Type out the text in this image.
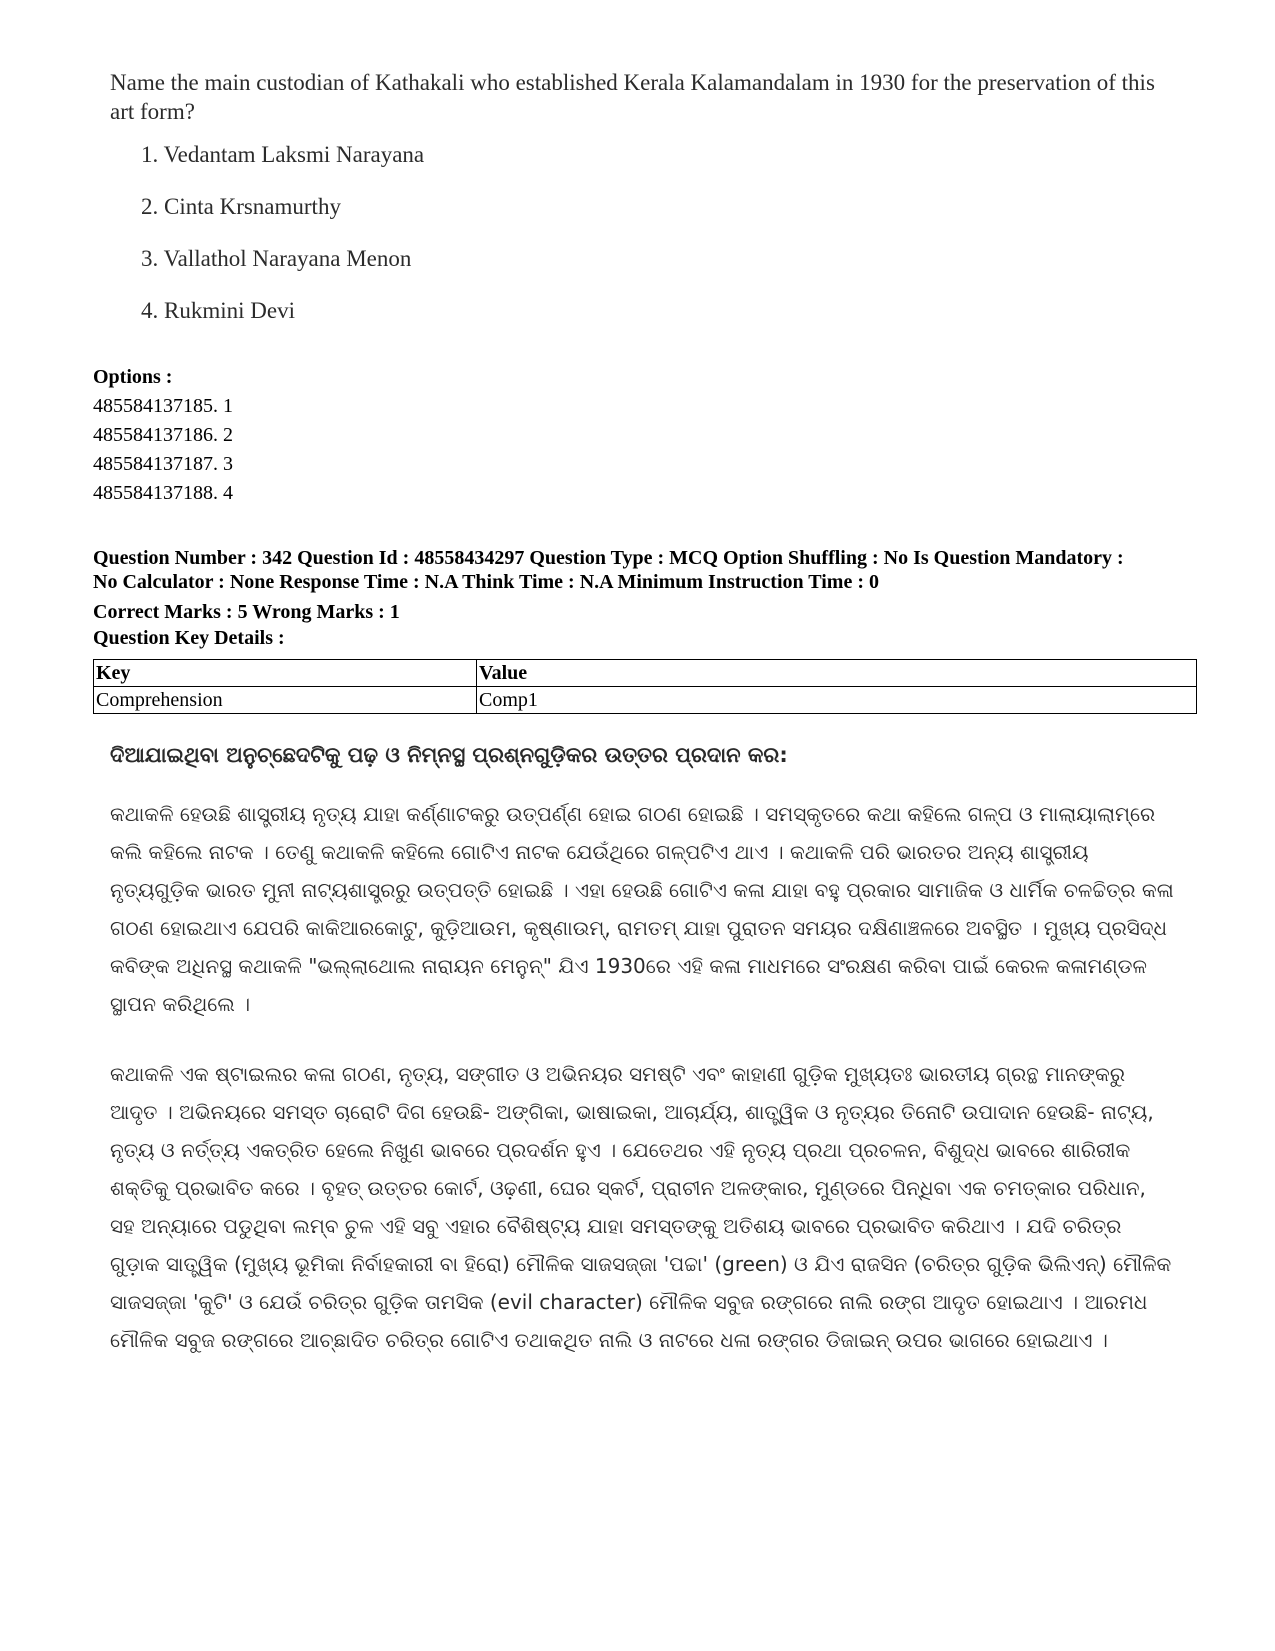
Name the main custodian of Kathakali who established Kerala Kalamandalam in 1930 for the preservation of this art form?

1. Vedantam Laksmi Narayana
2. Cinta Krsnamurthy
3. Vallathol Narayana Menon
4. Rukmini Devi
Options :
485584137185. 1
485584137186. 2
485584137187. 3
485584137188. 4
Question Number : 342 Question Id : 48558434297 Question Type : MCQ Option Shuffling : No Is Question Mandatory :
No Calculator : None Response Time : N.A Think Time : N.A Minimum Instruction Time : 0
Correct Marks : 5 Wrong Marks : 1
Question Key Details :
Key	Value
Comprehension	Comp1
ଦିଆଯାଇଥିବା ଅନୁଚ୍ଛେଦଟିକୁ ପଢ଼ ଓ ନିମ୍ନସ୍ଥ ପ୍ରଶ୍ନଗୁଡ଼ିକର ଉତ୍ତର ପ୍ରଦାନ କର:

କଥାକଳି ହେଉଛି ଶାସ୍ତ୍ରୀୟ ନୃତ୍ୟ ଯାହା କର୍ଣ୍ଣାଟକରୁ ଉତ୍ପର୍ଣ୍ଣ ହୋଇ ଗଠଣ ହୋଇଛି । ସମସ୍କୃତରେ କଥା କହିଲେ ଗଳ୍ପ ଓ ମାଲାୟାଲାମ୍‌ରେ କଲି କହିଲେ ନାଟକ । ତେଣୁ କଥାକଳି କହିଲେ ଗୋଟିଏ ନାଟକ ଯେଉଁଥିରେ ଗଳ୍ପଟିଏ ଥାଏ । କଥାକଳି ପରି ଭାରତର ଅନ୍ୟ ଶାସ୍ତ୍ରୀୟ ନୃତ୍ୟଗୁଡ଼ିକ ଭାରତ ମୁନୀ ନାଟ୍ୟଶାସ୍ତ୍ରରୁ ଉତ୍ପତ୍ତି ହୋଇଛି । ଏହା ହେଉଛି ଗୋଟିଏ କଳା ଯାହା ବହୁ ପ୍ରକାର ସାମାଜିକ ଓ ଧାର୍ମିକ ଚଳଚ୍ଚିତ୍ର କଳା ଗଠଣ ହୋଇଥାଏ ଯେପରି କାକିଆରକୋଟୁ, କୁଡ଼ିଆଉମ, କୃଷ୍ଣାଉମ୍, ରାମତମ୍ ଯାହା ପୁରାତନ ସମୟର ଦକ୍ଷିଣାଞ୍ଚଳରେ ଅବସ୍ଥିତ । ମୁଖ୍ୟ ପ୍ରସିଦ୍ଧ କବିଙ୍କ ଅଧିନସ୍ଥ କଥାକଳି "ଭଲ୍ଲାଥୋଲ ନାରାୟନ ମେନୁନ୍" ଯିଏ 1930ରେ ଏହି କଳା ମାଧମରେ ସଂରକ୍ଷଣ କରିବା ପାଇଁ କେରଳ କଳାମଣ୍ଡଳ ସ୍ଥାପନ କରିଥିଲେ ।

କଥାକଳି ଏକ ଷ୍ଟାଇଲର କଳା ଗଠଣ, ନୃତ୍ୟ, ସଙ୍ଗୀତ ଓ ଅଭିନୟର ସମଷ୍ଟି ଏବଂ କାହାଣୀ ଗୁଡ଼ିକ ମୁଖ୍ୟତଃ ଭାରତୀୟ ଗ୍ରନ୍ଥ ମାନଙ୍କରୁ ଆଦୃତ । ଅଭିନୟରେ ସମସ୍ତ ଚାରୋଟି ଦିଗ ହେଉଛି- ଅଙ୍ଗିକା, ଭାଷାଇକା, ଆଚାର୍ଯ୍ୟ, ଶାତ୍ତ୍ୱିକ ଓ ନୃତ୍ୟର ତିନୋଟି ଉପାଦାନ ହେଉଛି- ନାଟ୍ୟ, ନୃତ୍ୟ ଓ ନର୍ତ୍ତ୍ୟ ଏକତ୍ରିତ ହେଲେ ନିଖୁଣ ଭାବରେ ପ୍ରଦର୍ଶନ ହୁଏ । ଯେତେଥର ଏହି ନୃତ୍ୟ ପ୍ରଥା ପ୍ରଚଳନ, ବିଶୁଦ୍ଧ ଭାବରେ ଶାରିରୀକ ଶକ୍ତିକୁ ପ୍ରଭାବିତ କରେ । ବୃହତ୍ ଉତ୍ତର କୋର୍ଟ, ଓଢ଼ଣୀ, ଘେର ସ୍କର୍ଟ, ପ୍ରାଚୀନ ଅଳଙ୍କାର, ମୁଣ୍ଡରେ ପିନ୍ଧିବା ଏକ ଚମତ୍କାର ପରିଧାନ, ସହ ଅନ୍ୟାରେ ପଡୁଥିବା ଲମ୍ବ ଚୁଳ ଏହି ସବୁ ଏହାର ବୈଶିଷ୍ଟ୍ୟ ଯାହା ସମସ୍ତଙ୍କୁ ଅତିଶୟ ଭାବରେ ପ୍ରଭାବିତ କରିଥାଏ । ଯଦି ଚରିତ୍ର ଗୁଡ଼ାକ ସାତ୍ତ୍ୱିକ (ମୁଖ୍ୟ ଭୂମିକା ନିର୍ବାହକାରୀ ବା ହିରୋ) ମୌଳିକ ସାଜସଜ୍ଜା 'ପଚ୍ଚା' (green) ଓ ଯିଏ ରାଜସିନ (ଚରିତ୍ର ଗୁଡ଼ିକ ଭିଲିଏନ୍) ମୌଳିକ ସାଜସଜ୍ଜା 'କୁଟି' ଓ ଯେଉଁ ଚରିତ୍ର ଗୁଡ଼ିକ ତାମସିକ (evil character) ମୌଳିକ ସବୁଜ ରଙ୍ଗରେ ନାଲି ରଙ୍ଗ ଆଦୃତ ହୋଇଥାଏ । ଆରମଧ ମୌଳିକ ସବୁଜ ରଙ୍ଗରେ ଆଚ୍ଛାଦିତ ଚରିତ୍ର ଗୋଟିଏ ତଥାକଥିତ ନାଲି ଓ ନାଟରେ ଧଳା ରଙ୍ଗର ଡିଜାଇନ୍ ଉପର ଭାଗରେ ହୋଇଥାଏ ।
